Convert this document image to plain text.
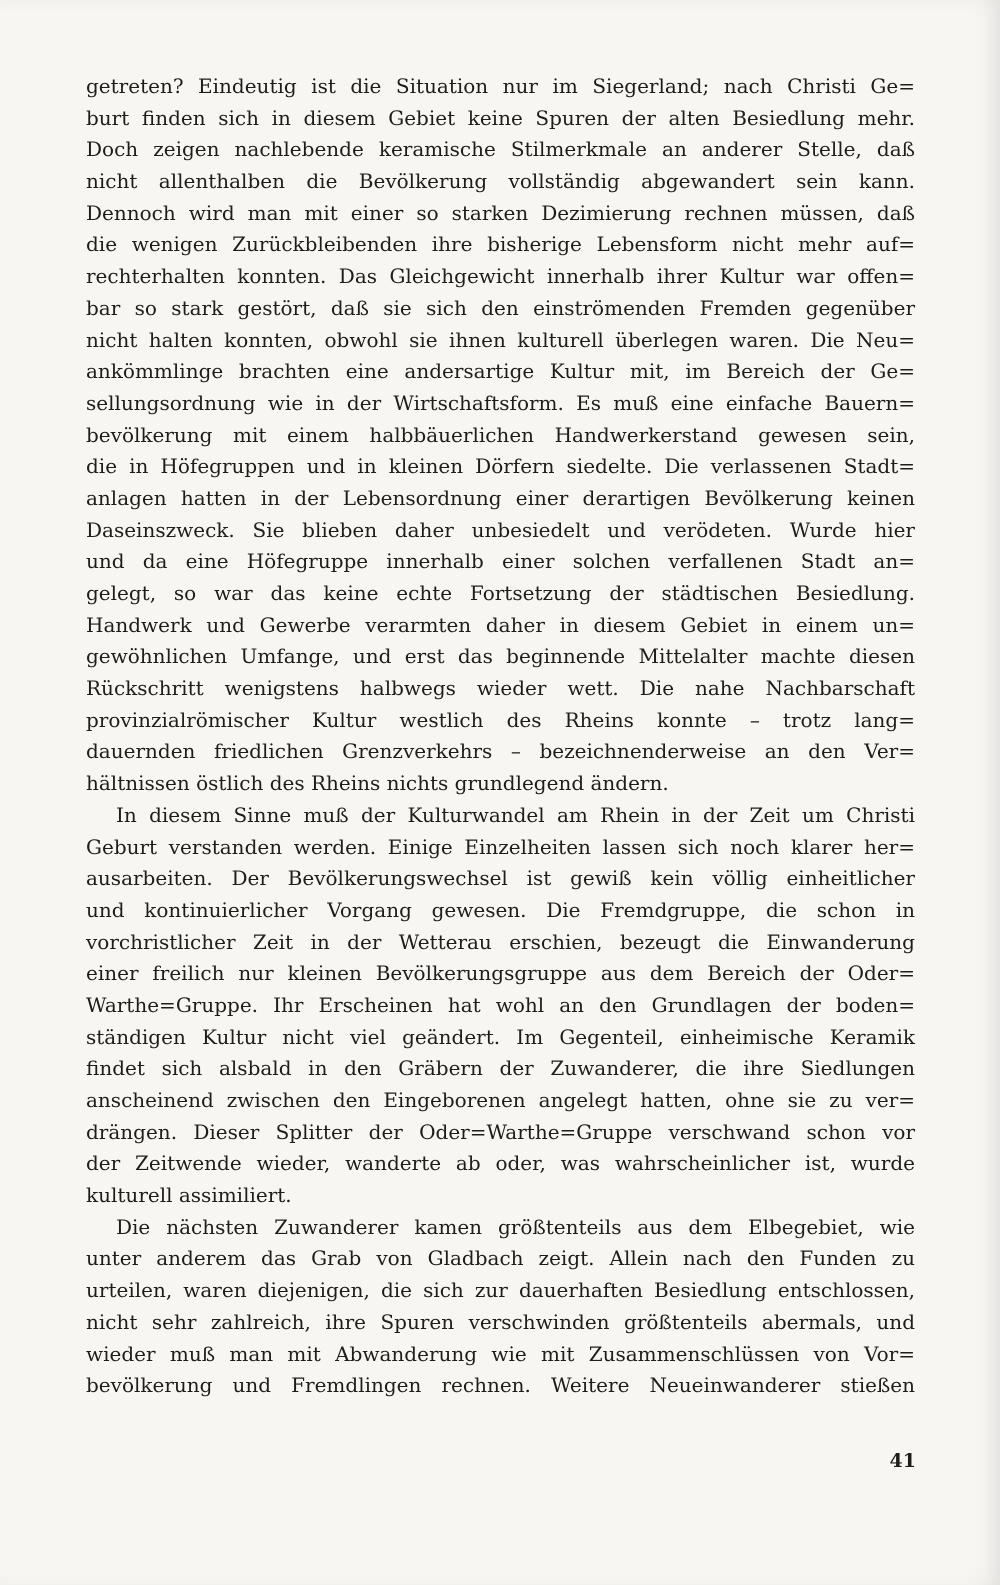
getreten? Eindeutig ist die Situation nur im Siegerland; nach Christi Ge=
burt finden sich in diesem Gebiet keine Spuren der alten Besiedlung mehr.
Doch zeigen nachlebende keramische Stilmerkmale an anderer Stelle, daß
nicht allenthalben die Bevölkerung vollständig abgewandert sein kann.
Dennoch wird man mit einer so starken Dezimierung rechnen müssen, daß
die wenigen Zurückbleibenden ihre bisherige Lebensform nicht mehr auf=
rechterhalten konnten. Das Gleichgewicht innerhalb ihrer Kultur war offen=
bar so stark gestört, daß sie sich den einströmenden Fremden gegenüber
nicht halten konnten, obwohl sie ihnen kulturell überlegen waren. Die Neu=
ankömmlinge brachten eine andersartige Kultur mit, im Bereich der Ge=
sellungsordnung wie in der Wirtschaftsform. Es muß eine einfache Bauern=
bevölkerung mit einem halbbäuerlichen Handwerkerstand gewesen sein,
die in Höfegruppen und in kleinen Dörfern siedelte. Die verlassenen Stadt=
anlagen hatten in der Lebensordnung einer derartigen Bevölkerung keinen
Daseinszweck. Sie blieben daher unbesiedelt und verödeten. Wurde hier
und da eine Höfegruppe innerhalb einer solchen verfallenen Stadt an=
gelegt, so war das keine echte Fortsetzung der städtischen Besiedlung.
Handwerk und Gewerbe verarmten daher in diesem Gebiet in einem un=
gewöhnlichen Umfange, und erst das beginnende Mittelalter machte diesen
Rückschritt wenigstens halbwegs wieder wett. Die nahe Nachbarschaft
provinzialrömischer Kultur westlich des Rheins konnte – trotz lang=
dauernden friedlichen Grenzverkehrs – bezeichnenderweise an den Ver=
hältnissen östlich des Rheins nichts grundlegend ändern.
In diesem Sinne muß der Kulturwandel am Rhein in der Zeit um Christi
Geburt verstanden werden. Einige Einzelheiten lassen sich noch klarer her=
ausarbeiten. Der Bevölkerungswechsel ist gewiß kein völlig einheitlicher
und kontinuierlicher Vorgang gewesen. Die Fremdgruppe, die schon in
vorchristlicher Zeit in der Wetterau erschien, bezeugt die Einwanderung
einer freilich nur kleinen Bevölkerungsgruppe aus dem Bereich der Oder=
Warthe=Gruppe. Ihr Erscheinen hat wohl an den Grundlagen der boden=
ständigen Kultur nicht viel geändert. Im Gegenteil, einheimische Keramik
findet sich alsbald in den Gräbern der Zuwanderer, die ihre Siedlungen
anscheinend zwischen den Eingeborenen angelegt hatten, ohne sie zu ver=
drängen. Dieser Splitter der Oder=Warthe=Gruppe verschwand schon vor
der Zeitwende wieder, wanderte ab oder, was wahrscheinlicher ist, wurde
kulturell assimiliert.
Die nächsten Zuwanderer kamen größtenteils aus dem Elbegebiet, wie
unter anderem das Grab von Gladbach zeigt. Allein nach den Funden zu
urteilen, waren diejenigen, die sich zur dauerhaften Besiedlung entschlossen,
nicht sehr zahlreich, ihre Spuren verschwinden größtenteils abermals, und
wieder muß man mit Abwanderung wie mit Zusammenschlüssen von Vor=
bevölkerung und Fremdlingen rechnen. Weitere Neueinwanderer stießen
41
